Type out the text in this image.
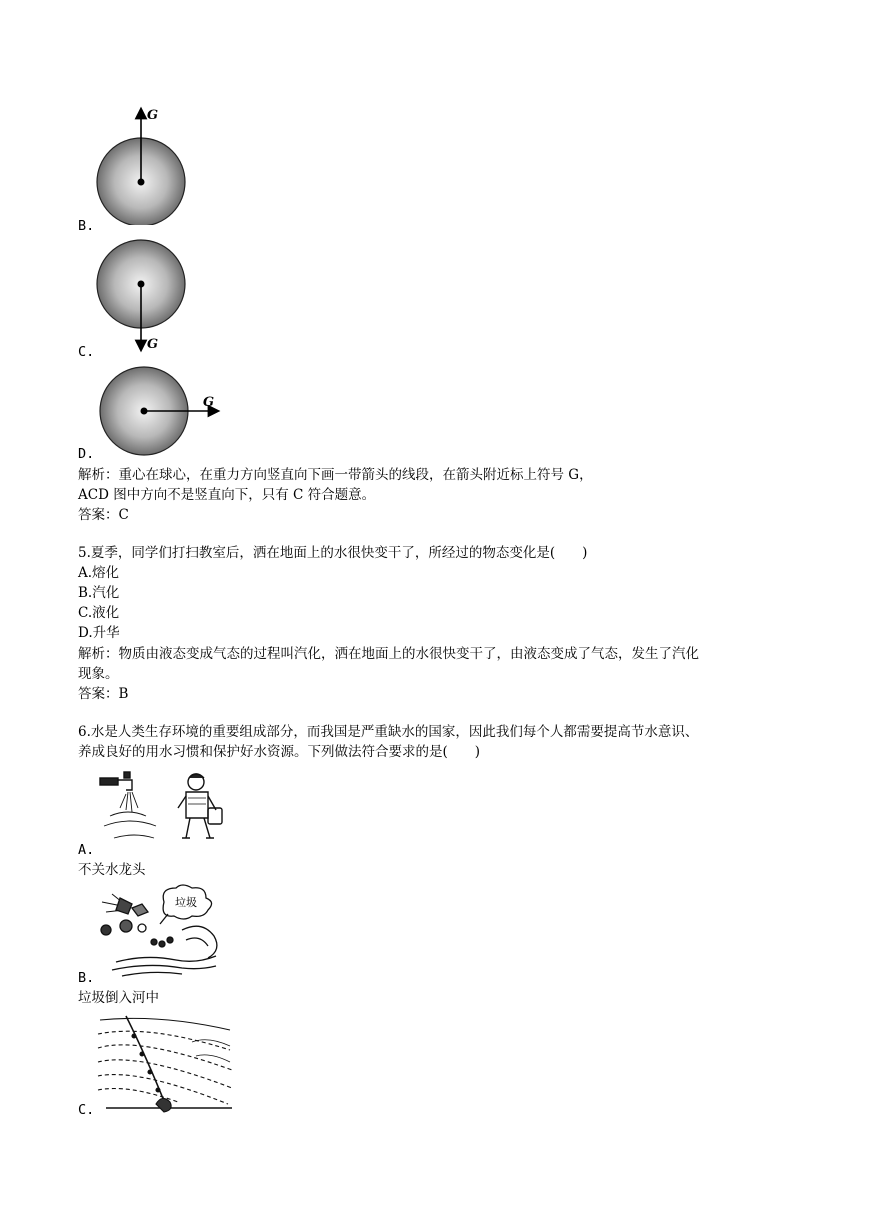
G
B.
G
C.
G
D.
解析：重心在球心，在重力方向竖直向下画一带箭头的线段，在箭头附近标上符号 G，
ACD 图中方向不是竖直向下，只有 C 符合题意。
答案：C
5.夏季，同学们打扫教室后，洒在地面上的水很快变干了，所经过的物态变化是(　　)
A.熔化
B.汽化
C.液化
D.升华
解析：物质由液态变成气态的过程叫汽化，洒在地面上的水很快变干了，由液态变成了气态，发生了汽化
现象。
答案：B
6.水是人类生存环境的重要组成部分，而我国是严重缺水的国家，因此我们每个人都需要提高节水意识、
养成良好的用水习惯和保护好水资源。下列做法符合要求的是(　　)
A.
不关水龙头
垃圾
B.
垃圾倒入河中
C.
